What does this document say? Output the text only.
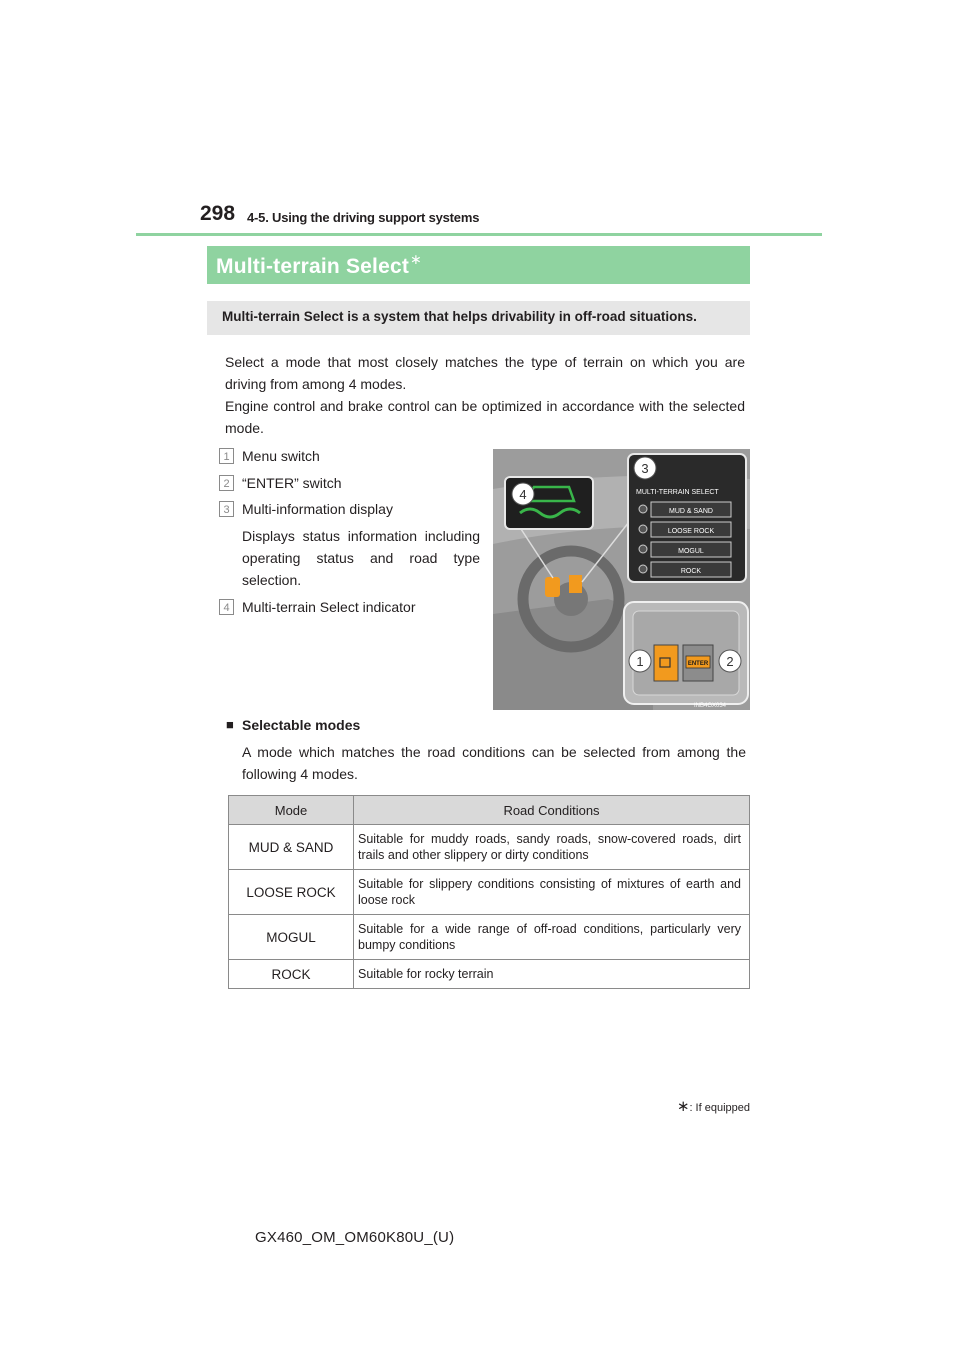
298 4-5. Using the driving support systems
Multi-terrain Select∗
Multi-terrain Select is a system that helps drivability in off-road situations.
Select a mode that most closely matches the type of terrain on which you are driving from among 4 modes.
Engine control and brake control can be optimized in accordance with the selected mode.
1 Menu switch
2 “ENTER” switch
3 Multi-information display
Displays status information including operating status and road type selection.
4 Multi-terrain Select indicator
4
3
MULTI-TERRAIN SELECT
MUD & SAND
LOOSE ROCK
MOGUL
ROCK
ENTER
1	2
INB4GX034
■ Selectable modes
A mode which matches the road conditions can be selected from among the following 4 modes.
Mode	Road Conditions
MUD & SAND	Suitable for muddy roads, sandy roads, snow-covered roads, dirt trails and other slippery or dirty conditions
LOOSE ROCK	Suitable for slippery conditions consisting of mixtures of earth and loose rock
MOGUL	Suitable for a wide range of off-road conditions, particularly very bumpy conditions
ROCK	Suitable for rocky terrain
∗: If equipped
GX460_OM_OM60K80U_(U)
